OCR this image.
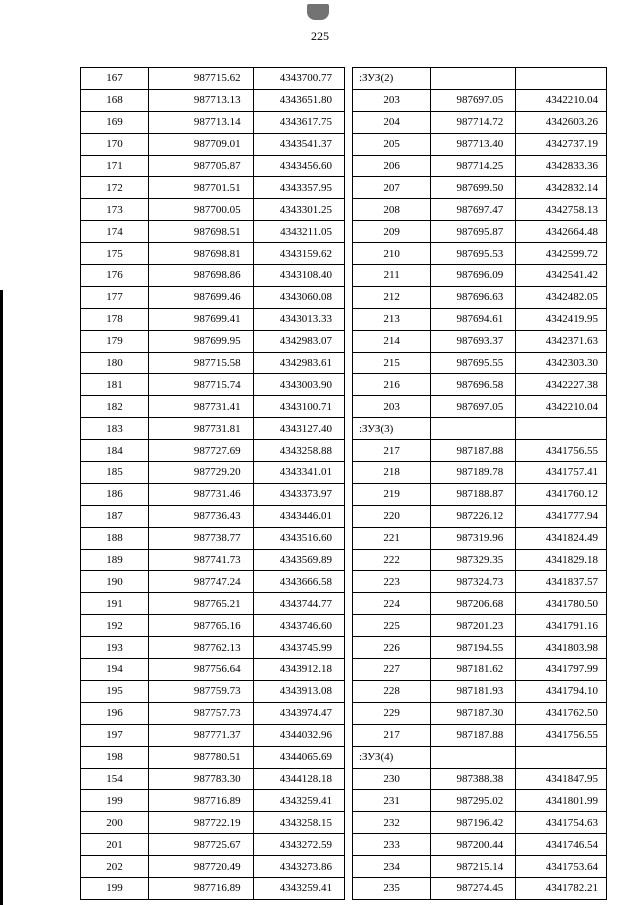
225
167	987715.62	4343700.77
168	987713.13	4343651.80
169	987713.14	4343617.75
170	987709.01	4343541.37
171	987705.87	4343456.60
172	987701.51	4343357.95
173	987700.05	4343301.25
174	987698.51	4343211.05
175	987698.81	4343159.62
176	987698.86	4343108.40
177	987699.46	4343060.08
178	987699.41	4343013.33
179	987699.95	4342983.07
180	987715.58	4342983.61
181	987715.74	4343003.90
182	987731.41	4343100.71
183	987731.81	4343127.40
184	987727.69	4343258.88
185	987729.20	4343341.01
186	987731.46	4343373.97
187	987736.43	4343446.01
188	987738.77	4343516.60
189	987741.73	4343569.89
190	987747.24	4343666.58
191	987765.21	4343744.77
192	987765.16	4343746.60
193	987762.13	4343745.99
194	987756.64	4343912.18
195	987759.73	4343913.08
196	987757.73	4343974.47
197	987771.37	4344032.96
198	987780.51	4344065.69
154	987783.30	4344128.18
199	987716.89	4343259.41
200	987722.19	4343258.15
201	987725.67	4343272.59
202	987720.49	4343273.86
199	987716.89	4343259.41
:ЗУЗ(2)		
203	987697.05	4342210.04
204	987714.72	4342603.26
205	987713.40	4342737.19
206	987714.25	4342833.36
207	987699.50	4342832.14
208	987697.47	4342758.13
209	987695.87	4342664.48
210	987695.53	4342599.72
211	987696.09	4342541.42
212	987696.63	4342482.05
213	987694.61	4342419.95
214	987693.37	4342371.63
215	987695.55	4342303.30
216	987696.58	4342227.38
203	987697.05	4342210.04
:ЗУЗ(3)		
217	987187.88	4341756.55
218	987189.78	4341757.41
219	987188.87	4341760.12
220	987226.12	4341777.94
221	987319.96	4341824.49
222	987329.35	4341829.18
223	987324.73	4341837.57
224	987206.68	4341780.50
225	987201.23	4341791.16
226	987194.55	4341803.98
227	987181.62	4341797.99
228	987181.93	4341794.10
229	987187.30	4341762.50
217	987187.88	4341756.55
:ЗУЗ(4)		
230	987388.38	4341847.95
231	987295.02	4341801.99
232	987196.42	4341754.63
233	987200.44	4341746.54
234	987215.14	4341753.64
235	987274.45	4341782.21
